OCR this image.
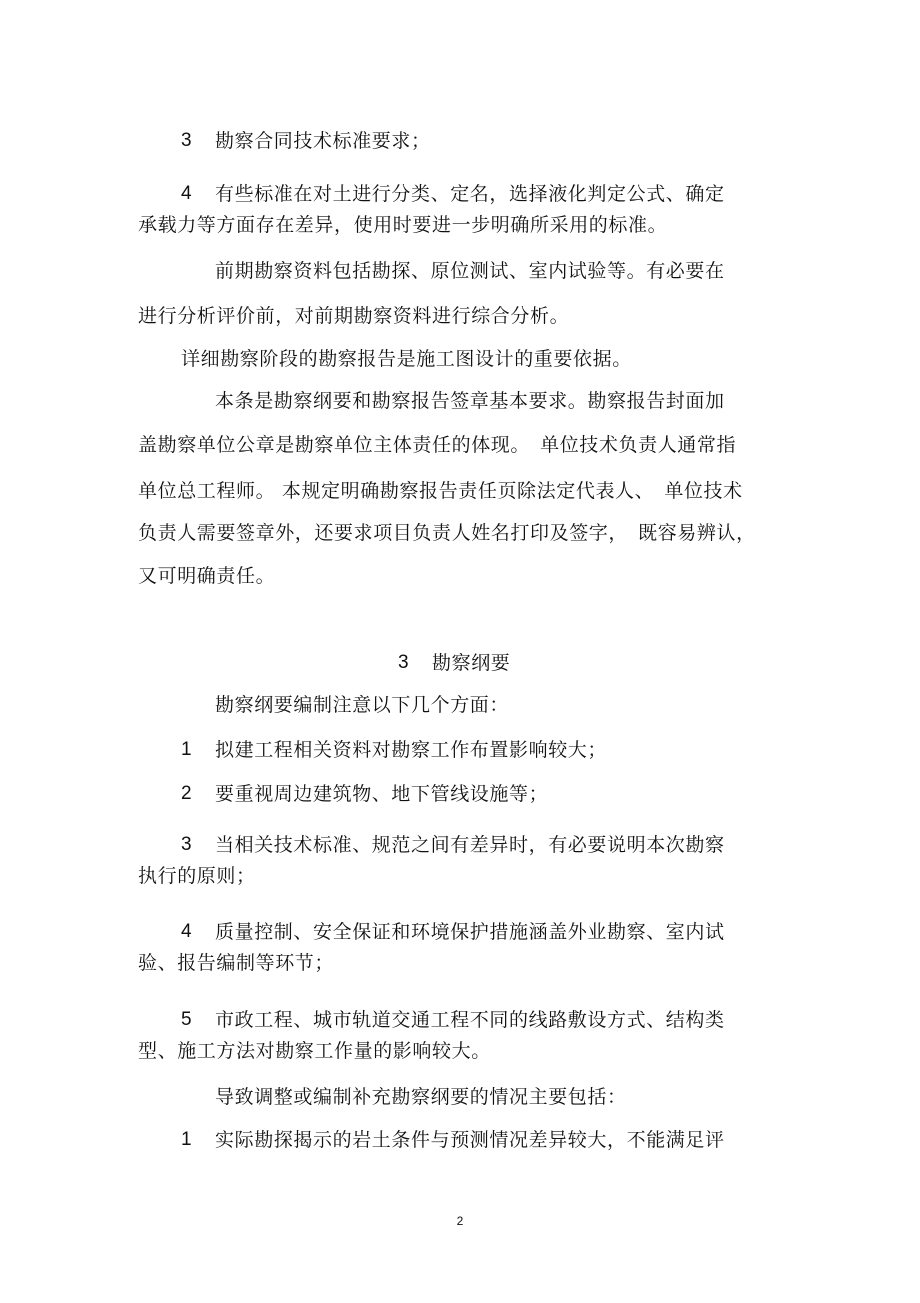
3 勘察合同技术标准要求；

4 有些标准在对土进行分类、定名，选择液化判定公式、确定

承载力等方面存在差异，使用时要进一步明确所采用的标准。

前期勘察资料包括勘探、原位测试、室内试验等。有必要在

进行分析评价前，对前期勘察资料进行综合分析。

详细勘察阶段的勘察报告是施工图设计的重要依据。

本条是勘察纲要和勘察报告签章基本要求。勘察报告封面加

盖勘察单位公章是勘察单位主体责任的体现。　单位技术负责人通常指

单位总工程师。 本规定明确勘察报告责任页除法定代表人、　单位技术

负责人需要签章外，还要求项目负责人姓名打印及签字，　既容易辨认，

又可明确责任。

3 勘察纲要

勘察纲要编制注意以下几个方面：

1 拟建工程相关资料对勘察工作布置影响较大；

2 要重视周边建筑物、地下管线设施等；

3 当相关技术标准、规范之间有差异时，有必要说明本次勘察

执行的原则；

4 质量控制、安全保证和环境保护措施涵盖外业勘察、室内试

验、报告编制等环节；

5 市政工程、城市轨道交通工程不同的线路敷设方式、结构类

型、施工方法对勘察工作量的影响较大。

导致调整或编制补充勘察纲要的情况主要包括：

1 实际勘探揭示的岩土条件与预测情况差异较大，不能满足评

2
